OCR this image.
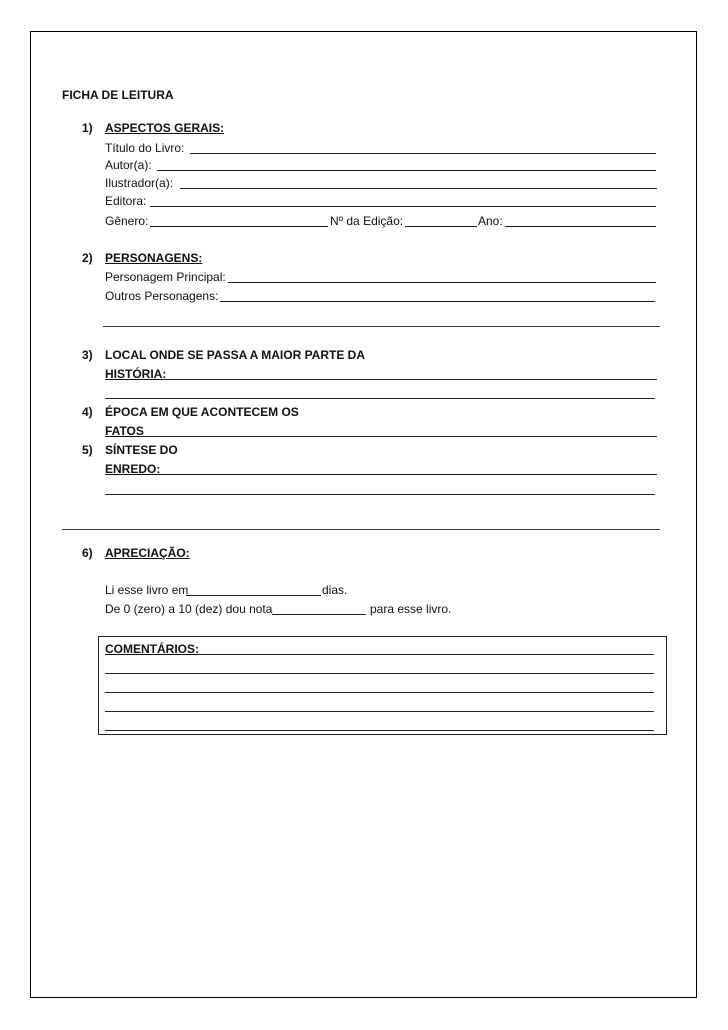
FICHA DE LEITURA
1) ASPECTOS GERAIS:
Título do Livro:
Autor(a):
Ilustrador(a):
Editora:
Gênero:	Nº da Edição:	Ano:
2) PERSONAGENS:
Personagem Principal:
Outros Personagens:
3) LOCAL ONDE SE PASSA A MAIOR PARTE DA
HISTÓRIA:
4) ÉPOCA EM QUE ACONTECEM OS
FATOS
5) SÍNTESE DO
ENREDO:
6) APRECIAÇÃO:
Li esse livro em	dias.
De 0 (zero) a 10 (dez) dou nota	para esse livro.
COMENTÁRIOS:
